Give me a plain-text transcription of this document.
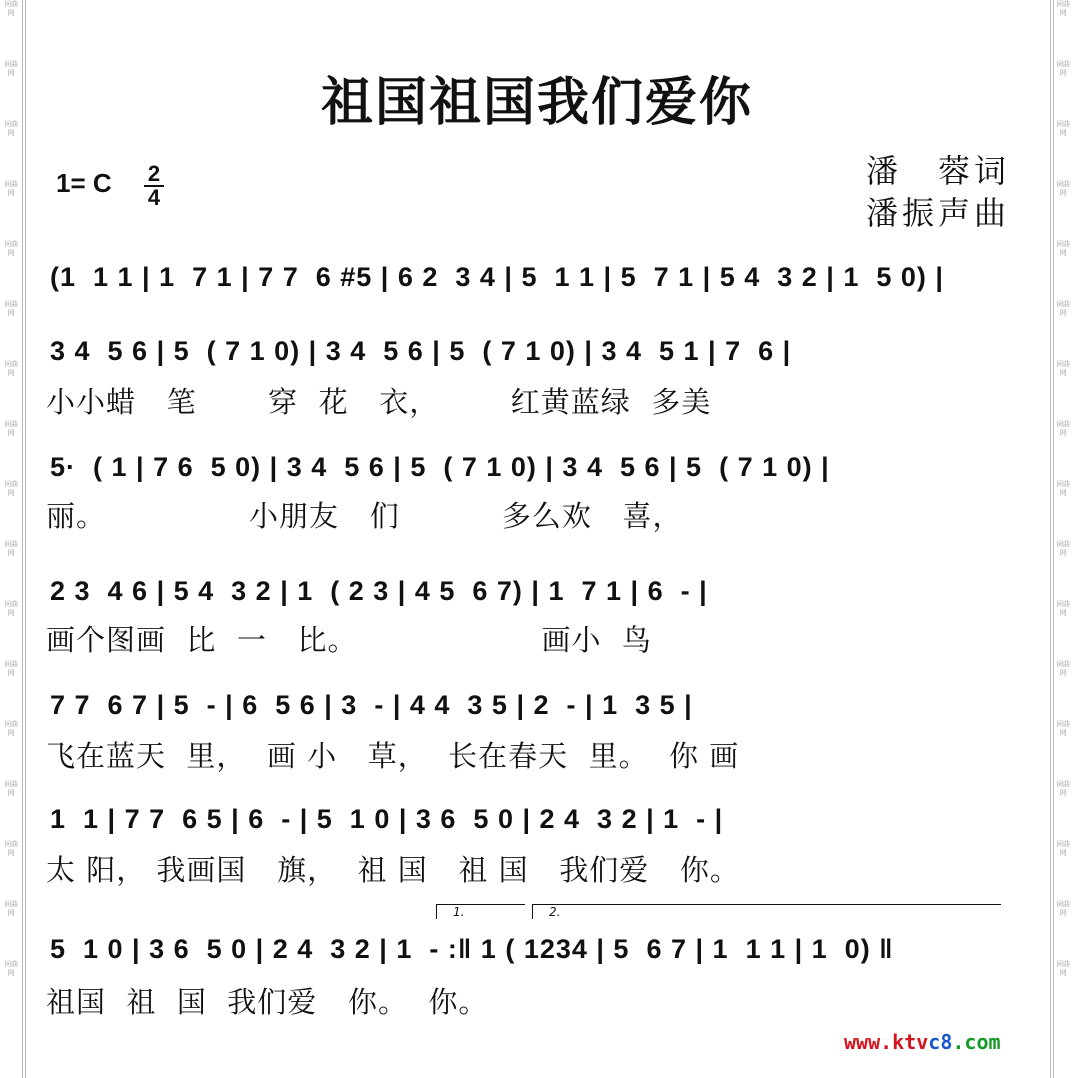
词曲网
词曲网
词曲网
词曲网
词曲网
词曲网
词曲网
词曲网
词曲网
词曲网
词曲网
词曲网
词曲网
词曲网
词曲网
词曲网
词曲网
词曲网
词曲网
词曲网
词曲网
词曲网
词曲网
词曲网
词曲网
词曲网
词曲网
词曲网
词曲网
词曲网
词曲网
词曲网
词曲网
词曲网
祖国祖国我们爱你
1= C 2
4
潘　蓉词
潘振声曲
(1  1 1 | 1  7 1 | 7 7  6 #5 | 6 2  3 4 | 5  1 1 | 5  7 1 | 5 4  3 2 | 1  5 0) |
3 4  5 6 | 5  ( 7 1 0) | 3 4  5 6 | 5  ( 7 1 0) | 3 4  5 1 | 7  6 |
小小蜡   笔       穿  花   衣，       红黄蓝绿  多美
5·  ( 1 | 7 6  5 0) | 3 4  5 6 | 5  ( 7 1 0) | 3 4  5 6 | 5  ( 7 1 0) |
丽。              小朋友   们          多么欢   喜，
2 3  4 6 | 5 4  3 2 | 1  ( 2 3 | 4 5  6 7) | 1  7 1 | 6  - |
画个图画  比  一   比。                  画小  鸟
7 7  6 7 | 5  - | 6  5 6 | 3  - | 4 4  3 5 | 2  - | 1  3 5 |
飞在蓝天  里，  画 小   草，  长在春天  里。  你 画
1  1 | 7 7  6 5 | 6  - | 5  1 0 | 3 6  5 0 | 2 4  3 2 | 1  - |
太 阳， 我画国   旗，  祖 国   祖 国   我们爱   你。
1.	2.
5  1 0 | 3 6  5 0 | 2 4  3 2 | 1  - :‖ 1 ( 1234 | 5  6 7 | 1  1 1 | 1  0) ‖
祖国  祖  国  我们爱   你。  你。
www.ktvc8.com
